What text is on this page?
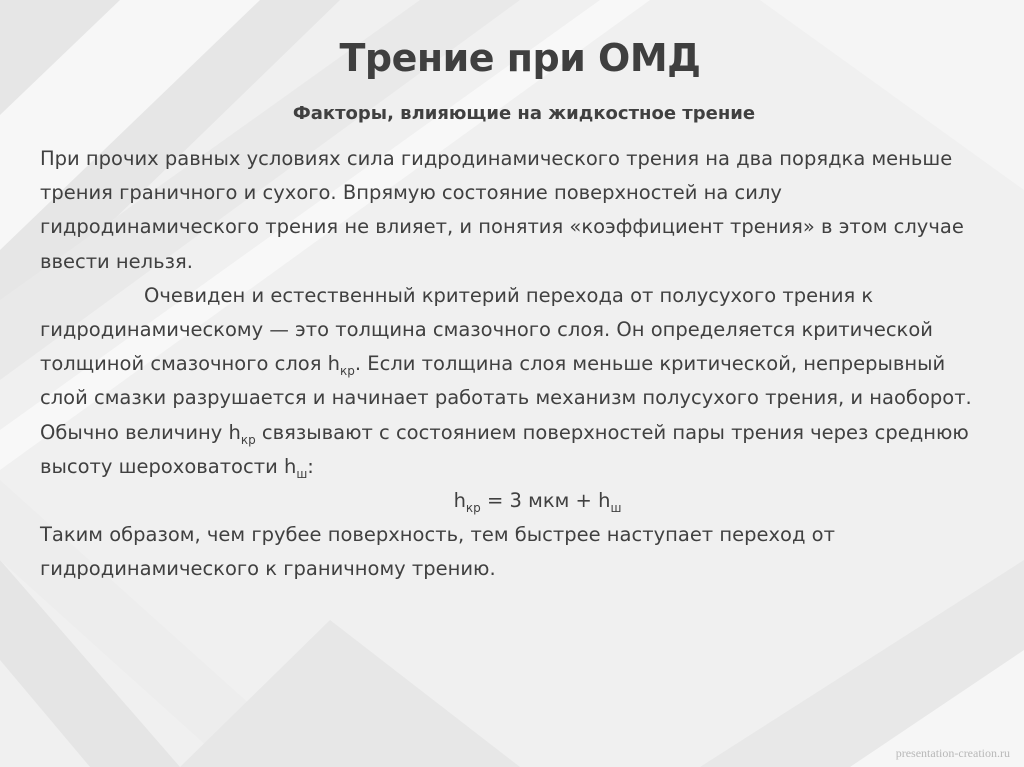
Трение при ОМД
Факторы, влияющие на жидкостное трение

При прочих равных условиях сила гидродинамического трения на два порядка меньше трения граничного и сухого. Впрямую состояние поверхностей на силу гидродинамического трения не влияет, и понятия «коэффициент трения» в этом случае ввести нельзя.

Очевиден и естественный критерий перехода от полусухого трения к гидродинамическому — это толщина смазочного слоя. Он определяется критической толщиной смазочного слоя $h_{кр}$. Если толщина слоя меньше критической, непрерывный слой смазки разрушается и начинает работать механизм полусухого трения, и наоборот. Обычно величину $h_{кр}$ связывают с состоянием поверхностей пары трения через среднюю высоту шероховатости $h_ш$:

$h_{кр} = 3$ мкм + $h_ш$

Таким образом, чем грубее поверхность, тем быстрее наступает переход от гидродинамического к граничному трению.

presentation-creation.ru
